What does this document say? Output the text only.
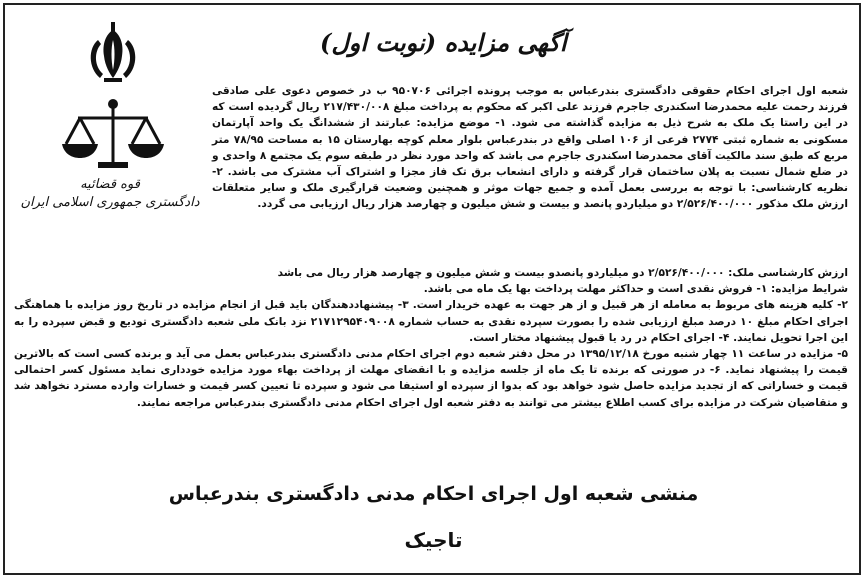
آگهی مزایده (نوبت اول)
قوه قضائیه
دادگستری جمهوری اسلامی ایران

شعبه اول اجرای احکام حقوقی دادگستری بندرعباس به موجب پرونده اجرائی ۹۵۰۷۰۶ ب در خصوص دعوی علی صادقی فرزند رحمت علیه محمدرضا اسکندری جاجرم فرزند علی اکبر که محکوم به پرداخت مبلغ ۲۱۷/۴۳۰/۰۰۸ ریال گردیده است که در این راستا یک ملک به شرح ذیل به مزایده گذاشته می شود. ۱- موضع مزایده: عبارتند از ششدانگ یک واحد آپارتمان مسکونی به شماره ثبتی ۲۷۷۴ فرعی از ۱۰۶ اصلی واقع در بندرعباس بلوار معلم کوچه بهارستان ۱۵ به مساحت ۷۸/۹۵ متر مربع که طبق سند مالکیت آقای محمدرضا اسکندری جاجرم می باشد که واحد مورد نظر در طبقه سوم یک مجتمع ۸ واحدی و در ضلع شمال نسبت به پلان ساختمان قرار گرفته و دارای انشعاب برق تک فاز مجزا و اشتراک آب مشترک می باشد. ۲- نظریه کارشناسی: با توجه به بررسی بعمل آمده و جمیع جهات موثر و همچنین وضعیت قرارگیری ملک و سایر متعلقات ارزش ملک مذکور ۲/۵۲۶/۴۰۰/۰۰۰ دو میلیاردو پانصد و بیست و شش میلیون و چهارصد هزار ریال ارزیابی می گردد.

ارزش کارشناسی ملک: ۲/۵۲۶/۴۰۰/۰۰۰ دو میلیاردو پانصدو بیست و شش میلیون و چهارصد هزار ریال می باشد

شرایط مزایده: ۱- فروش نقدی است و حداکثر مهلت پرداخت بها یک ماه می باشد.

۲- کلیه هزینه های مربوط به معامله از هر قبیل و از هر جهت به عهده خریدار است. ۳- پیشنهاددهندگان باید قبل از انجام مزایده در تاریخ روز مزایده با هماهنگی اجرای احکام مبلغ ۱۰ درصد مبلغ ارزیابی شده را بصورت سپرده نقدی به حساب شماره ۲۱۷۱۲۹۵۴۰۹۰۰۸ نزد بانک ملی شعبه دادگستری تودیع و قبض سپرده را به این اجرا تحویل نمایند. ۴- اجرای احکام در رد یا قبول پیشنهاد مختار است.

۵- مزایده در ساعت ۱۱ چهار شنبه مورخ ۱۳۹۵/۱۲/۱۸ در محل دفتر شعبه دوم اجرای احکام مدنی دادگستری بندرعباس بعمل می آید و برنده کسی است که بالاترین قیمت را پیشنهاد نماید. ۶- در صورتی که برنده تا یک ماه از جلسه مزایده و با انقضای مهلت از پرداخت بهاء مورد مزایده خودداری نماید مسئول کسر احتمالی قیمت و خساراتی که از تجدید مزایده حاصل شود خواهد بود که بدوا از سپرده او استیفا می شود و سپرده تا تعیین کسر قیمت و خسارات وارده مسترد نخواهد شد و متقاضیان شرکت در مزایده برای کسب اطلاع بیشتر می توانند به دفتر شعبه اول اجرای احکام مدنی دادگستری بندرعباس مراجعه نمایند.

منشی شعبه اول اجرای احکام مدنی دادگستری بندرعباس
تاجیک
